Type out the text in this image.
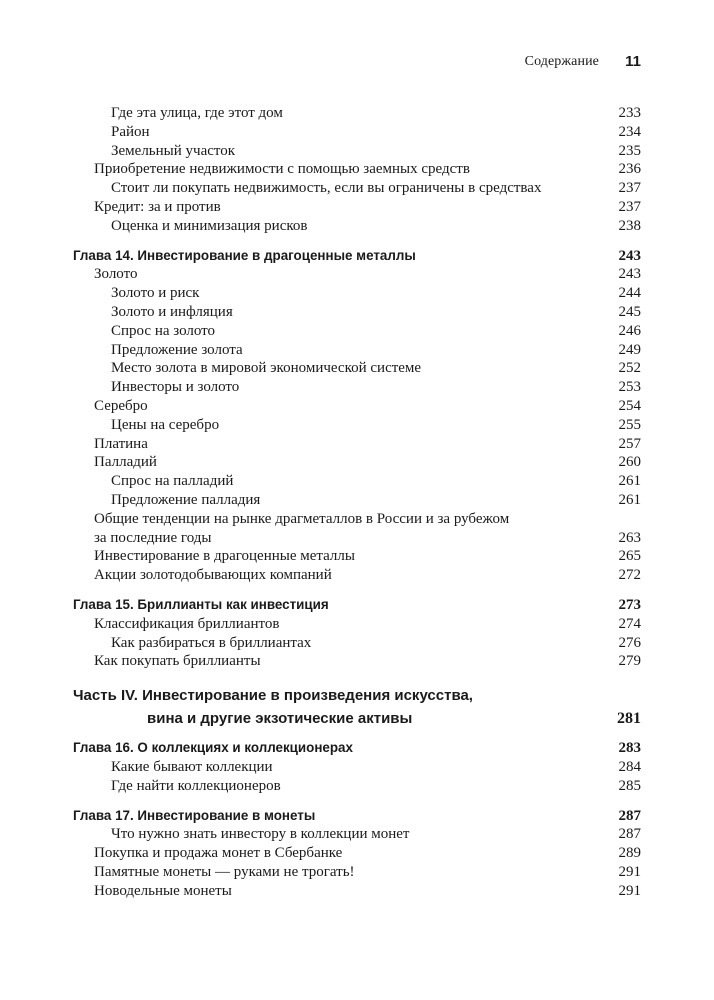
Содержание 11
Где эта улица, где этот дом	233
Район	234
Земельный участок	235
Приобретение недвижимости с помощью заемных средств	236
Стоит ли покупать недвижимость, если вы ограничены в средствах	237
Кредит: за и против	237
Оценка и минимизация рисков	238
Глава 14. Инвестирование в драгоценные металлы	243
Золото	243
Золото и риск	244
Золото и инфляция	245
Спрос на золото	246
Предложение золота	249
Место золота в мировой экономической системе	252
Инвесторы и золото	253
Серебро	254
Цены на серебро	255
Платина	257
Палладий	260
Спрос на палладий	261
Предложение палладия	261
Общие тенденции на рынке драгметаллов в России и за рубежом
за последние годы	263
Инвестирование в драгоценные металлы	265
Акции золотодобывающих компаний	272
Глава 15. Бриллианты как инвестиция	273
Классификация бриллиантов	274
Как разбираться в бриллиантах	276
Как покупать бриллианты	279
Часть IV. Инвестирование в произведения искусства,
вина и другие экзотические активы	281
Глава 16. О коллекциях и коллекционерах	283
Какие бывают коллекции	284
Где найти коллекционеров	285
Глава 17. Инвестирование в монеты	287
Что нужно знать инвестору в коллекции монет	287
Покупка и продажа монет в Сбербанке	289
Памятные монеты — руками не трогать!	291
Новодельные монеты	291
